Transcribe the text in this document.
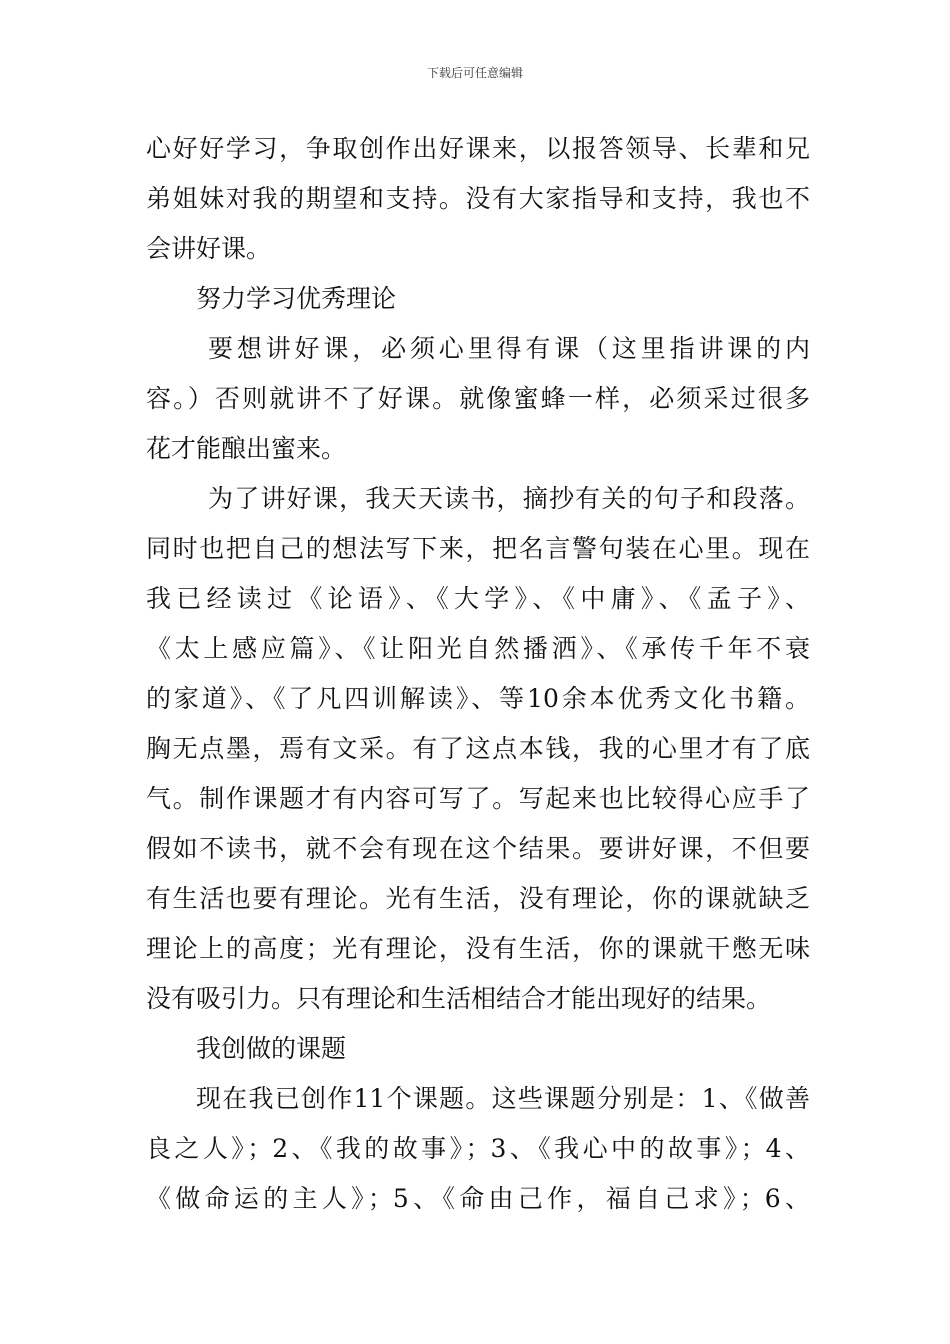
下载后可任意编辑
心好好学习，争取创作出好课来，以报答领导、长辈和兄
弟姐妹对我的期望和支持。没有大家指导和支持，我也不
会讲好课。
努力学习优秀理论
要想讲好课，必须心里得有课（这里指讲课的内
容。）否则就讲不了好课。就像蜜蜂一样，必须采过很多
花才能酿出蜜来。
为了讲好课，我天天读书，摘抄有关的句子和段落。
同时也把自己的想法写下来，把名言警句装在心里。现在
我已经读过《论语》、《大学》、《中庸》、《孟子》、
《太上感应篇》、《让阳光自然播洒》、《承传千年不衰
的家道》、《了凡四训解读》、等10余本优秀文化书籍。
胸无点墨，焉有文采。有了这点本钱，我的心里才有了底
气。制作课题才有内容可写了。写起来也比较得心应手了
假如不读书，就不会有现在这个结果。要讲好课，不但要
有生活也要有理论。光有生活，没有理论，你的课就缺乏
理论上的高度；光有理论，没有生活，你的课就干憋无味
没有吸引力。只有理论和生活相结合才能出现好的结果。
我创做的课题
现在我已创作11个课题。这些课题分别是：1、《做善
良之人》；2、《我的故事》；3、《我心中的故事》；4、
《做命运的主人》；5、《命由己作，福自己求》；6、
